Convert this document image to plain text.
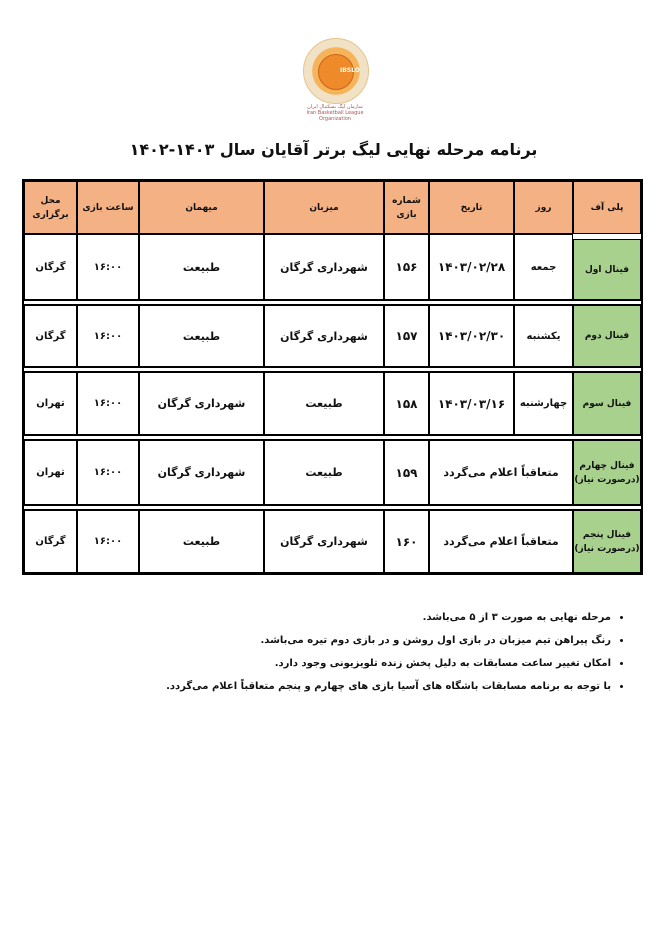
IBSLO
سازمان لیگ بسکتبال ایران
Iran Basketball League Organization
برنامه مرحله نهایی لیگ برتر آقایان سال ۱۴۰۳-۱۴۰۲
پلی آف
روز
تاریخ
شماره بازی
میزبان
میهمان
ساعت بازی
محل برگزاری
فینال اول
جمعه
۱۴۰۳/۰۲/۲۸
۱۵۶
شهرداری گرگان
طبیعت
۱۶:۰۰
گرگان
فینال دوم
یکشنبه
۱۴۰۳/۰۲/۳۰
۱۵۷
شهرداری گرگان
طبیعت
۱۶:۰۰
گرگان
فینال سوم
چهارشنبه
۱۴۰۳/۰۳/۱۶
۱۵۸
طبیعت
شهرداری گرگان
۱۶:۰۰
تهران
فینال چهارم (درصورت نیاز)
متعاقباً اعلام می‌گردد
۱۵۹
طبیعت
شهرداری گرگان
۱۶:۰۰
تهران
فینال پنجم (درصورت نیاز)
متعاقباً اعلام می‌گردد
۱۶۰
شهرداری گرگان
طبیعت
۱۶:۰۰
گرگان
• مرحله نهایی به صورت ۳ از ۵ می‌باشد.
• رنگ پیراهن تیم میزبان در بازی اول روشن و در بازی دوم تیره می‌باشد.
• امکان تغییر ساعت مسابقات به دلیل پخش زنده تلویزیونی وجود دارد.
• با توجه به برنامه مسابقات باشگاه های آسیا بازی های چهارم و پنجم متعاقباً اعلام می‌گردد.
